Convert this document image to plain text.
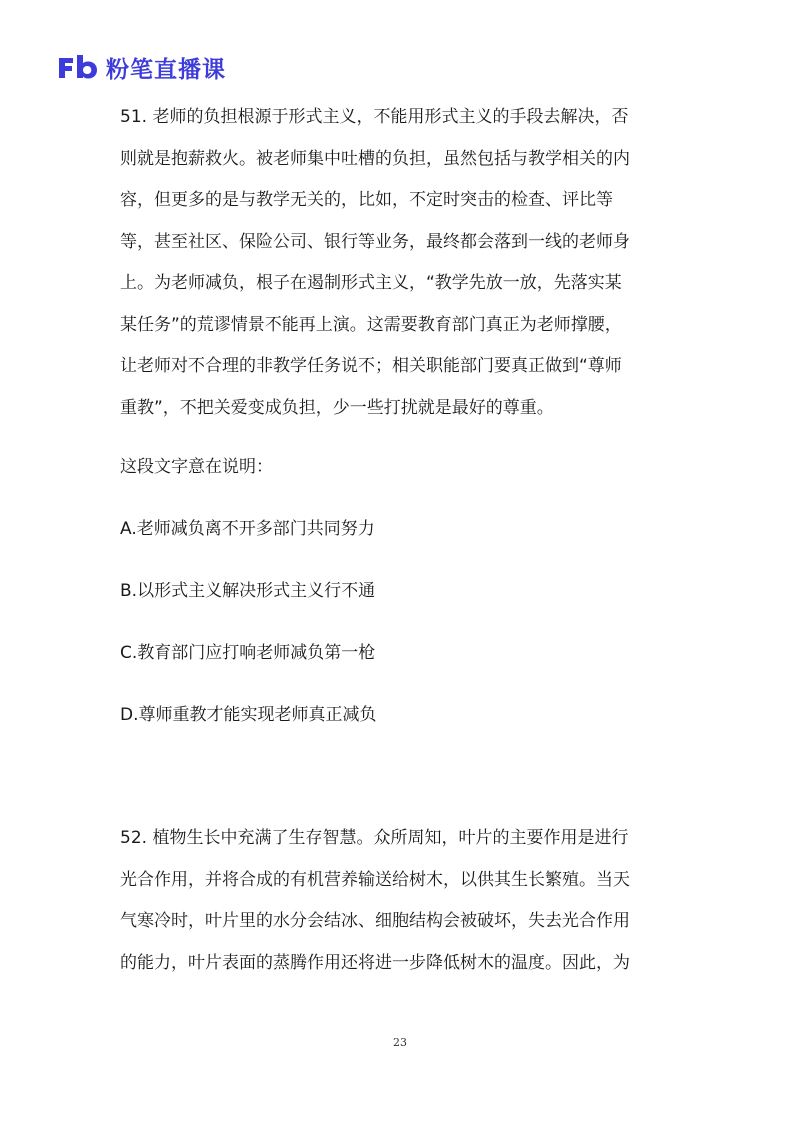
粉笔直播课
51. 老师的负担根源于形式主义，不能用形式主义的手段去解决，否
则就是抱薪救火。被老师集中吐槽的负担，虽然包括与教学相关的内
容，但更多的是与教学无关的，比如，不定时突击的检查、评比等
等，甚至社区、保险公司、银行等业务，最终都会落到一线的老师身
上。为老师减负，根子在遏制形式主义，“教学先放一放，先落实某
某任务”的荒谬情景不能再上演。这需要教育部门真正为老师撑腰，
让老师对不合理的非教学任务说不；相关职能部门要真正做到“尊师
重教”，不把关爱变成负担，少一些打扰就是最好的尊重。
这段文字意在说明：
A.老师减负离不开多部门共同努力
B.以形式主义解决形式主义行不通
C.教育部门应打响老师减负第一枪
D.尊师重教才能实现老师真正减负
52. 植物生长中充满了生存智慧。众所周知，叶片的主要作用是进行
光合作用，并将合成的有机营养输送给树木，以供其生长繁殖。当天
气寒冷时，叶片里的水分会结冰、细胞结构会被破坏，失去光合作用
的能力，叶片表面的蒸腾作用还将进一步降低树木的温度。因此，为
23
